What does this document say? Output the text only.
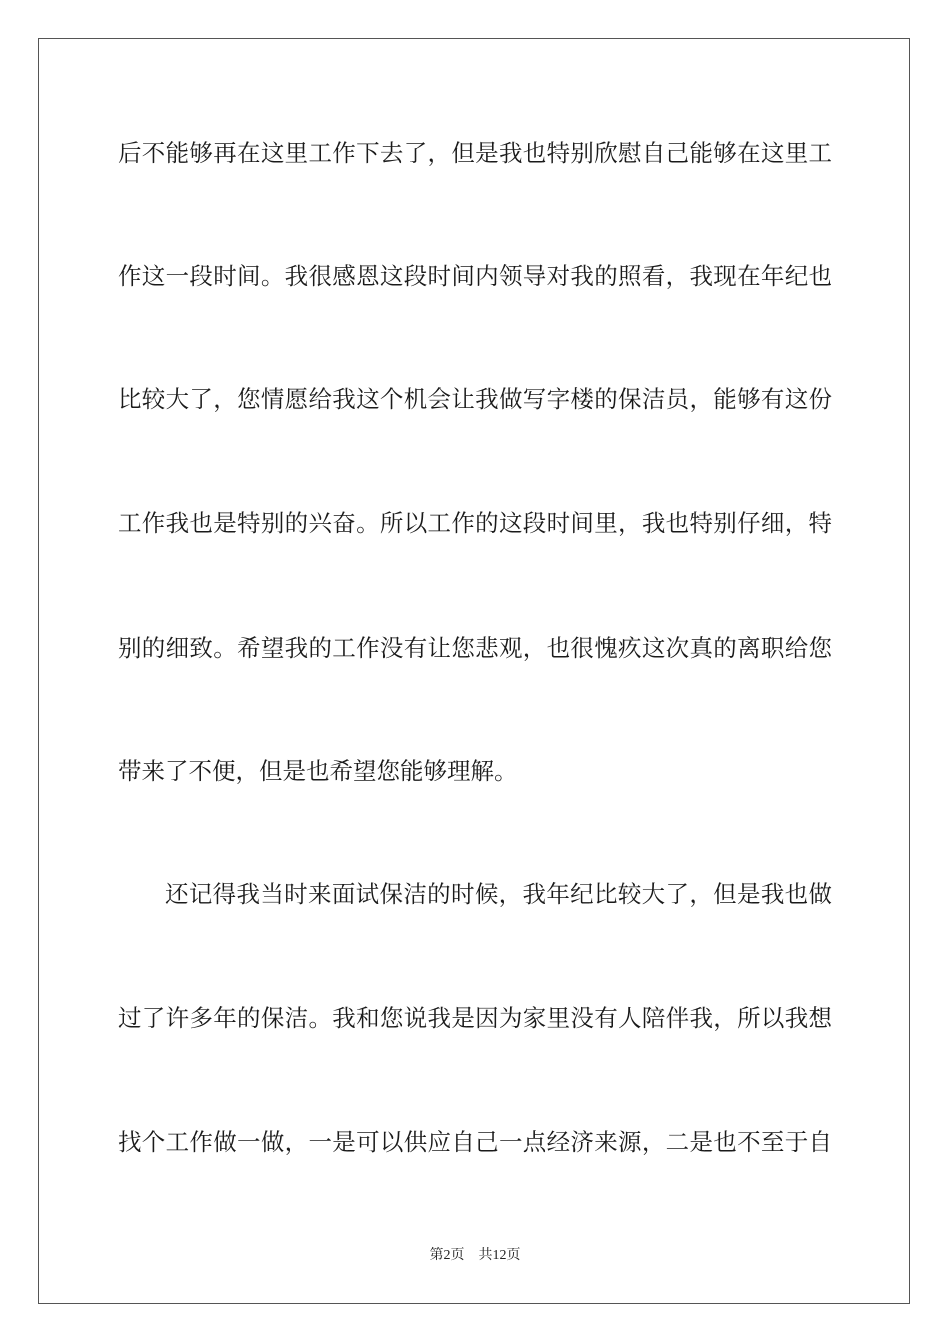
后不能够再在这里工作下去了，但是我也特别欣慰自己能够在这里工
作这一段时间。我很感恩这段时间内领导对我的照看，我现在年纪也
比较大了，您情愿给我这个机会让我做写字楼的保洁员，能够有这份
工作我也是特别的兴奋。所以工作的这段时间里，我也特别仔细，特
别的细致。希望我的工作没有让您悲观，也很愧疚这次真的离职给您
带来了不便，但是也希望您能够理解。
还记得我当时来面试保洁的时候，我年纪比较大了，但是我也做
过了许多年的保洁。我和您说我是因为家里没有人陪伴我，所以我想
找个工作做一做，一是可以供应自己一点经济来源，二是也不至于自
第2页 共12页
